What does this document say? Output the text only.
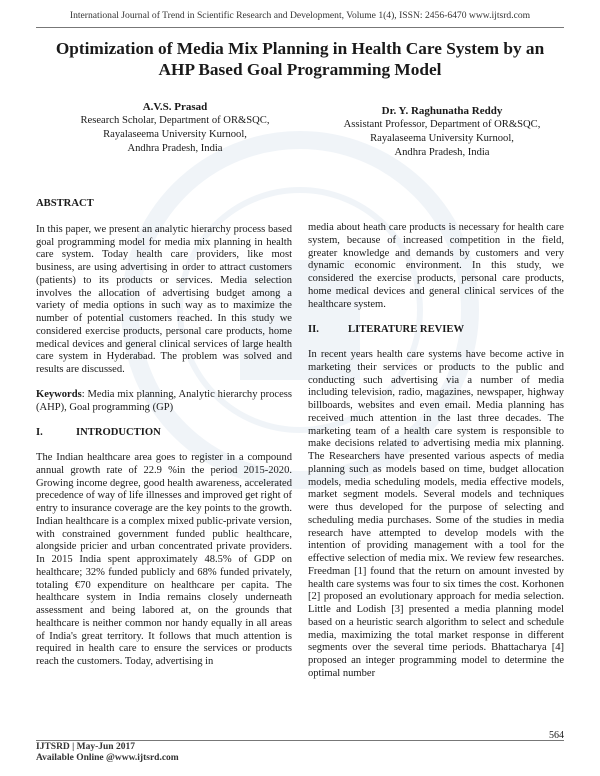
International Journal of Trend in Scientific Research and Development, Volume 1(4), ISSN: 2456-6470 www.ijtsrd.com
Optimization of Media Mix Planning in Health Care System by an AHP Based Goal Programming Model
A.V.S. Prasad
Research Scholar, Department of OR&SQC,
Rayalaseema University Kurnool,
Andhra Pradesh, India
Dr. Y. Raghunatha Reddy
Assistant Professor, Department of OR&SQC,
Rayalaseema University Kurnool,
Andhra Pradesh, India

ABSTRACT

In this paper, we present an analytic hierarchy process based goal programming model for media mix planning in health care system. Today health care providers, like most business, are using advertising in order to attract customers (patients) to its products or services. Media selection involves the allocation of advertising budget among a variety of media options in such way as to maximize the number of potential customers reached. In this study we considered exercise products, personal care products, home medical devices and general clinical services of large health care system in Hyderabad. The problem was solved and results are discussed.

Keywords: Media mix planning, Analytic hierarchy process (AHP), Goal programming (GP)

I.	INTRODUCTION

The Indian healthcare area goes to register in a compound annual growth rate of 22.9 %in the period 2015-2020. Growing income degree, good health awareness, accelerated precedence of way of life illnesses and improved get right of entry to insurance coverage are the key points to the growth. Indian healthcare is a complex mixed public-private version, with constrained government funded public healthcare, alongside pricier and urban concentrated private providers. In 2015 India spent approximately 48.5% of GDP on healthcare; 32% funded publicly and 68% funded privately, totaling €70 expenditure on healthcare per capita. The healthcare system in India remains closely underneath assessment and being labored at, on the grounds that healthcare is neither common nor handy equally in all areas of India's great territory. It follows that much attention is required in health care to ensure the services or products reach the customers. Today, advertising in

media about heath care products is necessary for health care system, because of increased competition in the field, greater knowledge and demands by customers and very dynamic economic environment. In this study, we considered the exercise products, personal care products, home medical devices and general clinical services of the healthcare system.

II.	LITERATURE REVIEW

In recent years health care systems have become active in marketing their services or products to the public and conducting such advertising via a number of media including television, radio, magazines, newspaper, highway billboards, websites and even email. Media planning has received much attention in the last three decades. The marketing team of a health care system is responsible to make decisions related to advertising media mix planning. The Researchers have presented various aspects of media planning such as models based on time, budget allocation models, media scheduling models, media effective models, market segment models. Several models and techniques were thus developed for the purpose of selecting and scheduling media purchases. Some of the studies in media research have attempted to develop models with the intention of providing management with a tool for the effective selection of media mix. We review few researches. Freedman [1] found that the return on amount invested by health care systems was four to six times the cost. Korhonen [2] proposed an evolutionary approach for media selection. Little and Lodish [3] presented a media planning model based on a heuristic search algorithm to select and schedule media, maximizing the total market response in different segments over the several time periods. Bhattacharya [4] proposed an integer programming model to determine the optimal number

564
IJTSRD | May-Jun 2017
Available Online @www.ijtsrd.com
